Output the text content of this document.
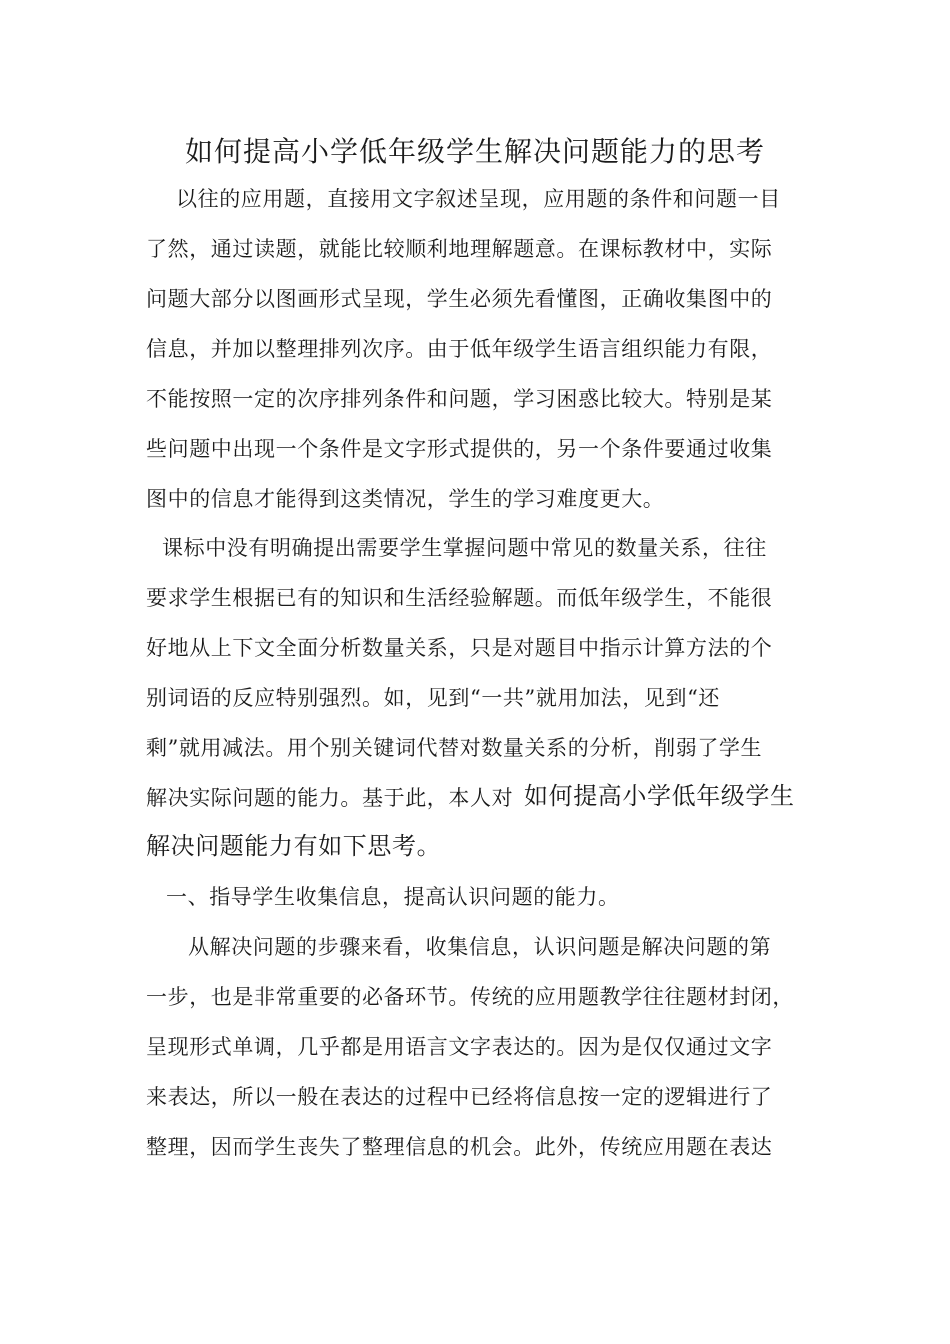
如何提高小学低年级学生解决问题能力的思考
以往的应用题，直接用文字叙述呈现，应用题的条件和问题一目
了然，通过读题，就能比较顺利地理解题意。在课标教材中，实际
问题大部分以图画形式呈现，学生必须先看懂图，正确收集图中的
信息，并加以整理排列次序。由于低年级学生语言组织能力有限，
不能按照一定的次序排列条件和问题，学习困惑比较大。特别是某
些问题中出现一个条件是文字形式提供的，另一个条件要通过收集
图中的信息才能得到这类情况，学生的学习难度更大。
课标中没有明确提出需要学生掌握问题中常见的数量关系，往往
要求学生根据已有的知识和生活经验解题。而低年级学生，不能很
好地从上下文全面分析数量关系，只是对题目中指示计算方法的个
别词语的反应特别强烈。如，见到“一共”就用加法，见到“还
剩”就用减法。用个别关键词代替对数量关系的分析，削弱了学生
解决实际问题的能力。基于此，本人对 如何提高小学低年级学生
解决问题能力有如下思考。
一、指导学生收集信息，提高认识问题的能力。
从解决问题的步骤来看，收集信息，认识问题是解决问题的第
一步，也是非常重要的必备环节。传统的应用题教学往往题材封闭，
呈现形式单调，几乎都是用语言文字表达的。因为是仅仅通过文字
来表达，所以一般在表达的过程中已经将信息按一定的逻辑进行了
整理，因而学生丧失了整理信息的机会。此外，传统应用题在表达
